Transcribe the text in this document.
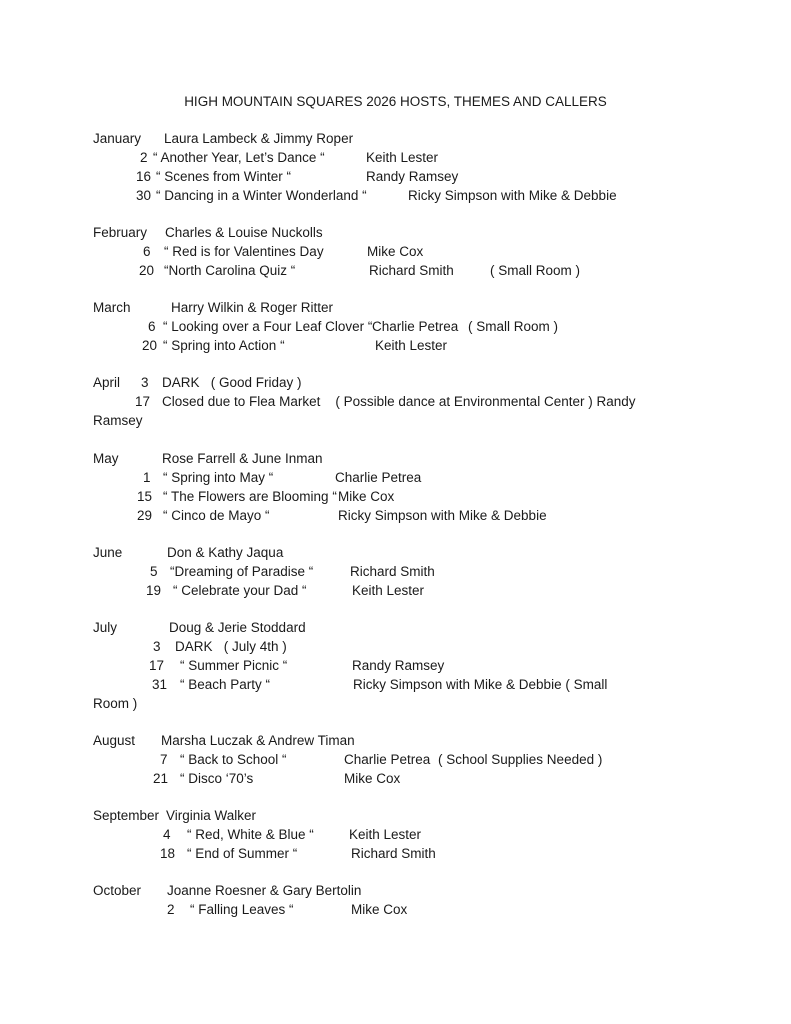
HIGH MOUNTAIN SQUARES 2026 HOSTS, THEMES AND CALLERS
January Laura Lambeck & Jimmy Roper
2 “ Another Year, Let’s Dance “	Keith Lester
16 “ Scenes from Winter “	Randy Ramsey
30 “ Dancing in a Winter Wonderland “	Ricky Simpson with Mike & Debbie
February Charles & Louise Nuckolls
6 “ Red is for Valentines Day	Mike Cox
20 “North Carolina Quiz “	Richard Smith	( Small Room )
March	Harry Wilkin & Roger Ritter
6 “ Looking over a Four Leaf Clover “ Charlie Petrea ( Small Room )
20 “ Spring into Action “	Keith Lester
April 3 DARK   ( Good Friday )
17 Closed due to Flea Market    ( Possible dance at Environmental Center ) Randy
Ramsey
May	Rose Farrell & June Inman
1 “ Spring into May “	Charlie Petrea
15 “ The Flowers are Blooming “ Mike Cox
29 “ Cinco de Mayo “	Ricky Simpson with Mike & Debbie
June	Don & Kathy Jaqua
5 “Dreaming of Paradise “	Richard Smith
19 “ Celebrate your Dad “	Keith Lester
July	Doug & Jerie Stoddard
3 DARK   ( July 4th )
17 “ Summer Picnic “	Randy Ramsey
31 “ Beach Party “	Ricky Simpson with Mike & Debbie ( Small
Room )
August Marsha Luczak & Andrew Timan
7 “ Back to School “	Charlie Petrea ( School Supplies Needed )
21 “ Disco ‘70’s	Mike Cox
September Virginia Walker
4 “ Red, White & Blue “	Keith Lester
18 “ End of Summer “	Richard Smith
October Joanne Roesner & Gary Bertolin
2 “ Falling Leaves “	Mike Cox
